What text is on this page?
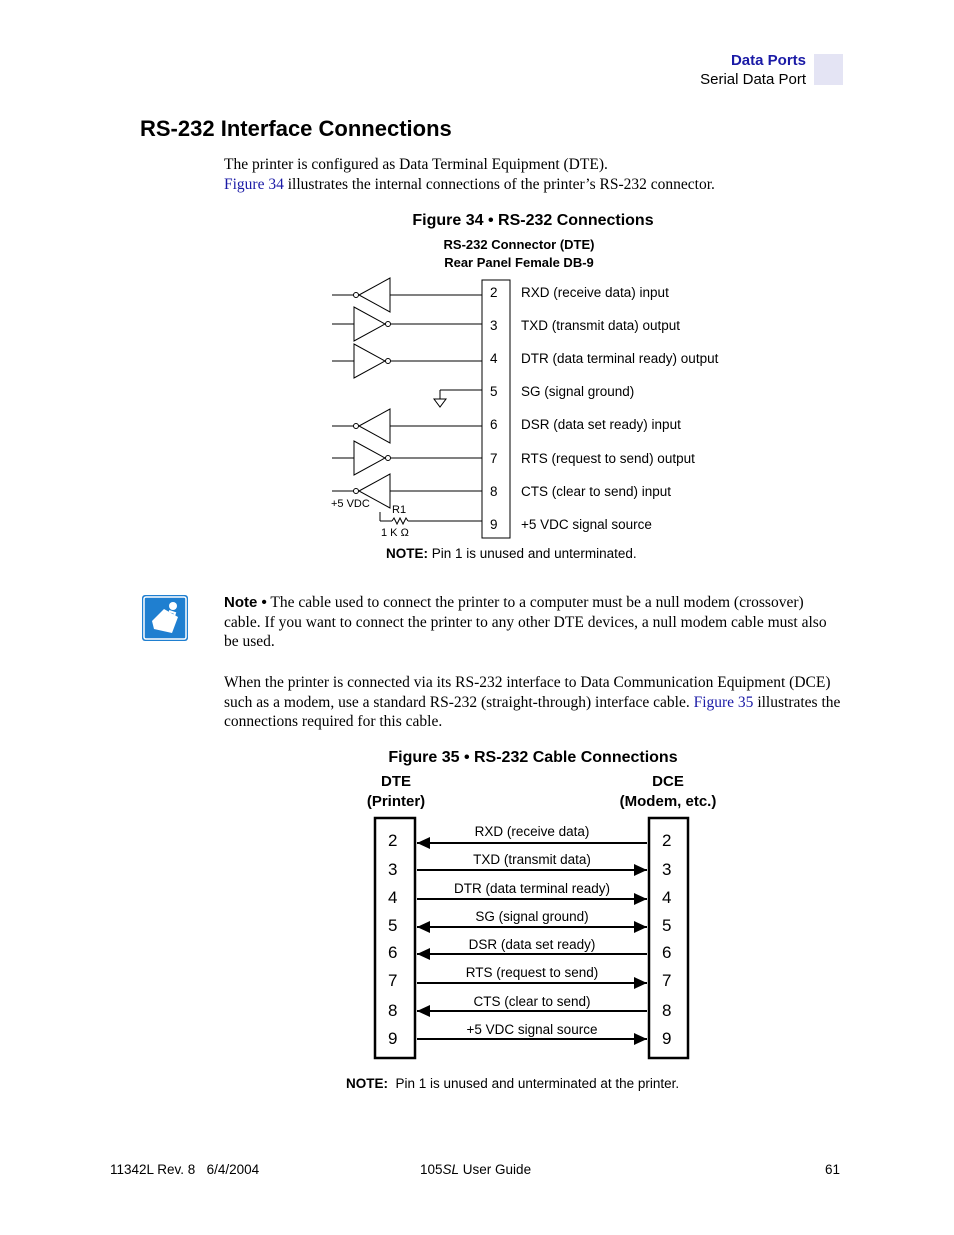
Data Ports
Serial Data Port
RS-232 Interface Connections
The printer is configured as Data Terminal Equipment (DTE).
Figure 34 illustrates the internal connections of the printer’s RS-232 connector.
Figure 34 • RS-232 Connections
RS-232 Connector (DTE)
Rear Panel Female DB-9
+5 VDC R1
1 K Ω
2 RXD (receive data) input
3 TXD (transmit data) output
4 DTR (data terminal ready) output
5 SG (signal ground)
6 DSR (data set ready) input
7 RTS (request to send) output
8 CTS (clear to send) input
9 +5 VDC signal source
NOTE: Pin 1 is unused and unterminated.
Note • The cable used to connect the printer to a computer must be a null modem (crossover) cable. If you want to connect the printer to any other DTE devices, a null modem cable must also be used.
When the printer is connected via its RS-232 interface to Data Communication Equipment (DCE) such as a modem, use a standard RS-232 (straight-through) interface cable. Figure 35 illustrates the connections required for this cable.
Figure 35 • RS-232 Cable Connections
DTE
(Printer)
DCE
(Modem, etc.)
RXD (receive data)
2	2
TXD (transmit data)
3	3
DTR (data terminal ready)
4	4
SG (signal ground)
5	5
DSR (data set ready)
6	6
RTS (request to send)
7	7
CTS (clear to send)
8	8
+5 VDC signal source
9	9
NOTE:  Pin 1 is unused and unterminated at the printer.
11342L Rev. 8   6/4/2004	105SL User Guide	61
